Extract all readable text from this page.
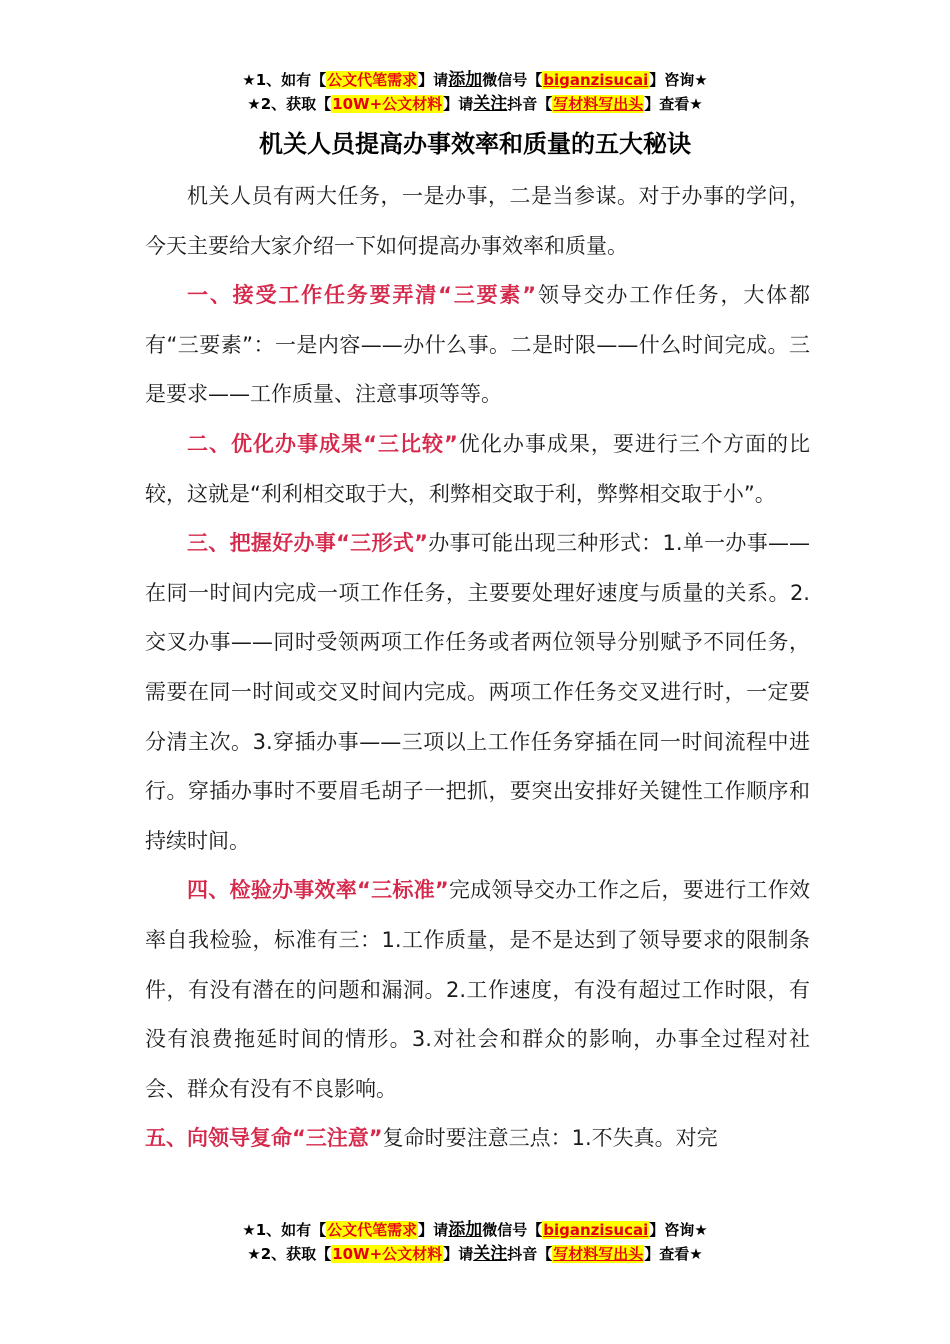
★1、如有【公文代笔需求】请添加微信号【biganzisucai】咨询★
★2、获取【10W+公文材料】请关注抖音【写材料写出头】查看★
机关人员提高办事效率和质量的五大秘诀

机关人员有两大任务，一是办事，二是当参谋。对于办事的学问，今天主要给大家介绍一下如何提高办事效率和质量。

一、接受工作任务要弄清“三要素”领导交办工作任务，大体都有“三要素”：一是内容——办什么事。二是时限——什么时间完成。三是要求——工作质量、注意事项等等。

二、优化办事成果“三比较”优化办事成果，要进行三个方面的比较，这就是“利利相交取于大，利弊相交取于利，弊弊相交取于小”。

三、把握好办事“三形式”办事可能出现三种形式：1.单一办事——在同一时间内完成一项工作任务，主要要处理好速度与质量的关系。2.交叉办事——同时受领两项工作任务或者两位领导分别赋予不同任务，需要在同一时间或交叉时间内完成。两项工作任务交叉进行时，一定要分清主次。3.穿插办事——三项以上工作任务穿插在同一时间流程中进行。穿插办事时不要眉毛胡子一把抓，要突出安排好关键性工作顺序和持续时间。

四、检验办事效率“三标准”完成领导交办工作之后，要进行工作效率自我检验，标准有三：1.工作质量，是不是达到了领导要求的限制条件，有没有潜在的问题和漏洞。2.工作速度，有没有超过工作时限，有没有浪费拖延时间的情形。3.对社会和群众的影响，办事全过程对社会、群众有没有不良影响。

五、向领导复命“三注意”复命时要注意三点：1.不失真。对完

★1、如有【公文代笔需求】请添加微信号【biganzisucai】咨询★
★2、获取【10W+公文材料】请关注抖音【写材料写出头】查看★
